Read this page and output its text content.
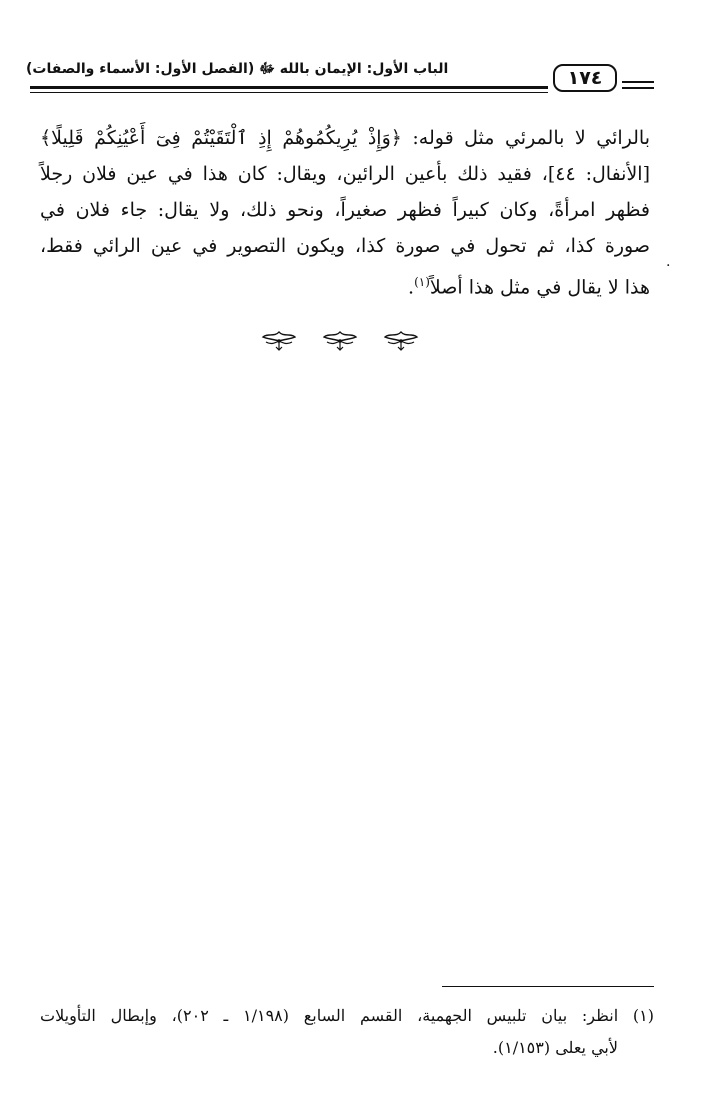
الباب الأول: الإيمان بالله ﷻ (الفصل الأول: الأسماء والصفات)	١٧٤
بالرائي لا بالمرئي مثل قوله: ﴿وَإِذْ يُرِيكُمُوهُمْ إِذِ ٱلْتَقَيْتُمْ فِىٓ أَعْيُنِكُمْ قَلِيلًا﴾
[الأنفال: ٤٤]، فقيد ذلك بأعين الرائين، ويقال: كان هذا في عين فلان رجلاً
فظهر امرأةً، وكان كبيراً فظهر صغيراً، ونحو ذلك، ولا يقال: جاء فلان في
صورة كذا، ثم تحول في صورة كذا، ويكون التصوير في عين الرائي فقط،
هذا لا يقال في مثل هذا أصلاً$^{(١)}$.
.
(١) انظر: بيان تلبيس الجهمية، القسم السابع (١/١٩٨ ـ ٢٠٢)، وإبطال التأويلات
لأبي يعلى (١/١٥٣).
